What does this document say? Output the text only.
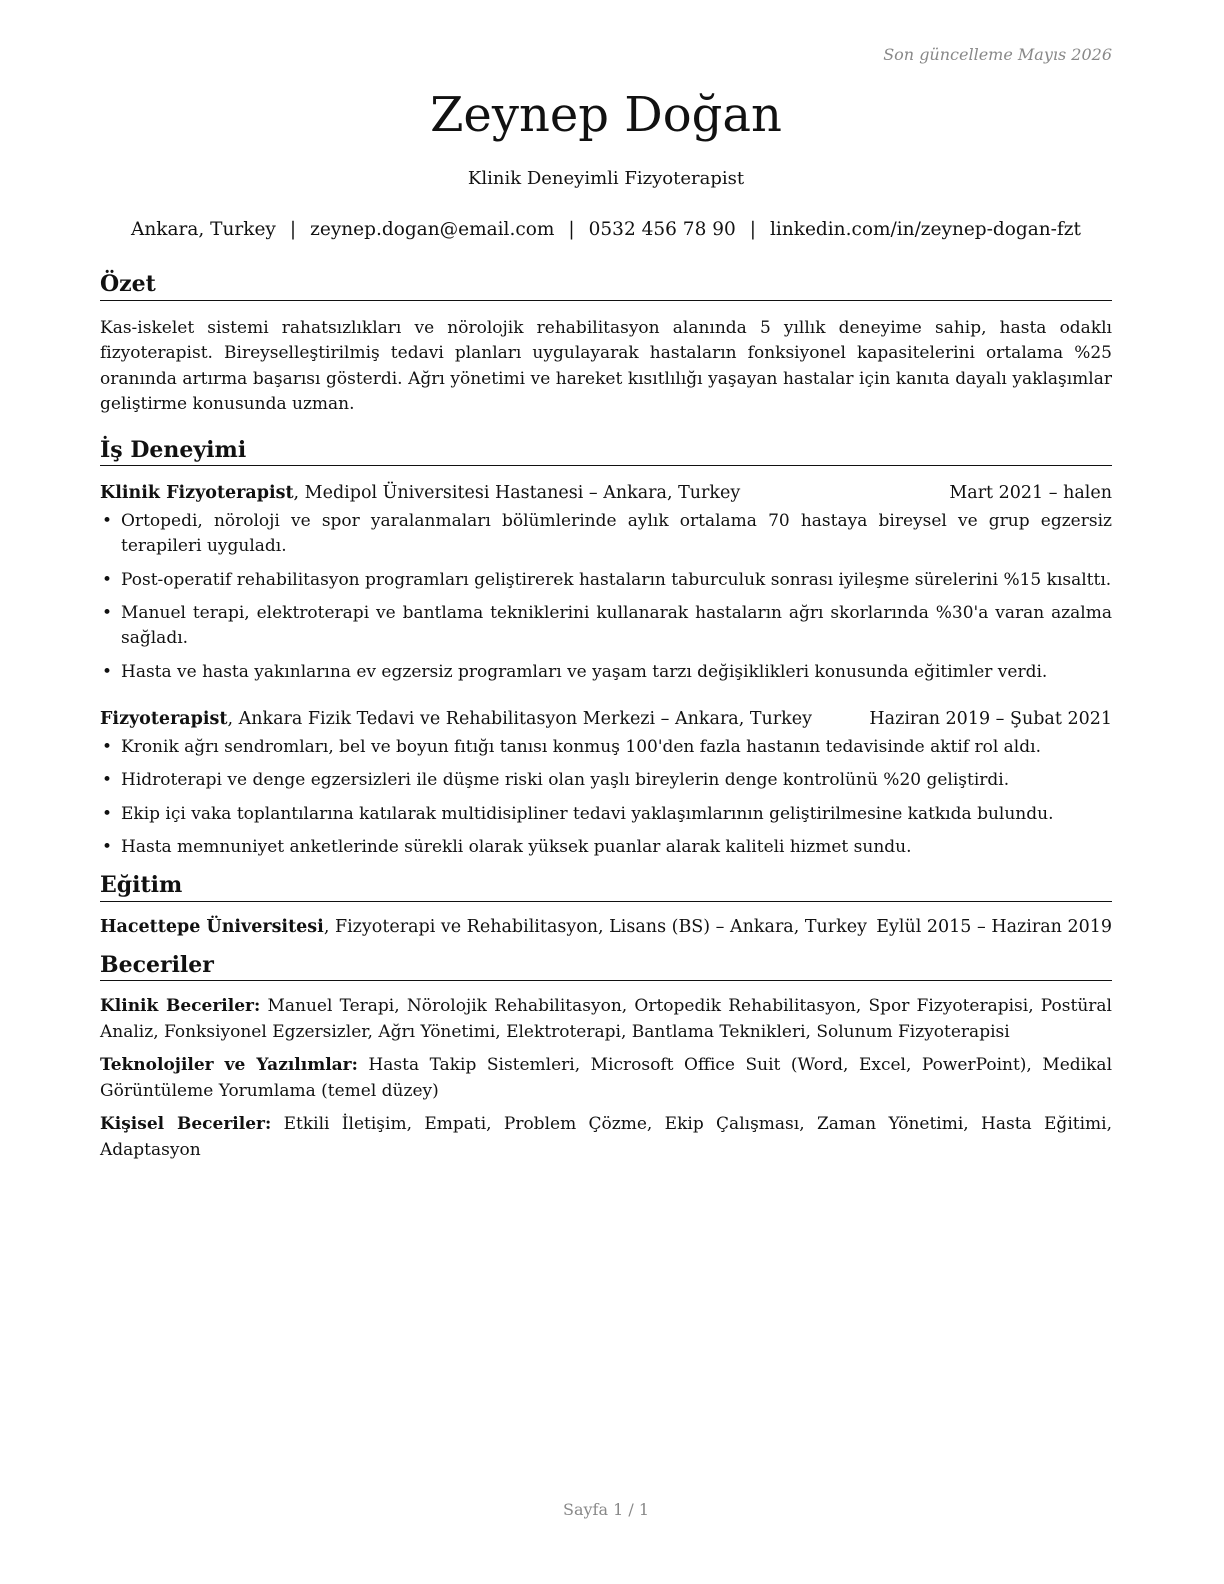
Son güncelleme Mayıs 2026
Zeynep Doğan
Klinik Deneyimli Fizyoterapist
Ankara, Turkey | zeynep.dogan@email.com | 0532 456 78 90 | linkedin.com/in/zeynep-dogan-fzt
Özet

Kas-iskelet sistemi rahatsızlıkları ve nörolojik rehabilitasyon alanında 5 yıllık deneyime sahip, hasta odaklı fizyoterapist. Bireyselleştirilmiş tedavi planları uygulayarak hastaların fonksiyonel kapasitelerini ortalama %25 oranında artırma başarısı gösterdi. Ağrı yönetimi ve hareket kısıtlılığı yaşayan hastalar için kanıta dayalı yaklaşımlar geliştirme konusunda uzman.

İş Deneyimi
Klinik Fizyoterapist, Medipol Üniversitesi Hastanesi – Ankara, Turkey	Mart 2021 – halen
• Ortopedi, nöroloji ve spor yaralanmaları bölümlerinde aylık ortalama 70 hastaya bireysel ve grup egzersiz terapileri uyguladı.
• Post-operatif rehabilitasyon programları geliştirerek hastaların taburculuk sonrası iyileşme sürelerini %15 kısalttı.
• Manuel terapi, elektroterapi ve bantlama tekniklerini kullanarak hastaların ağrı skorlarında %30'a varan azalma sağladı.
• Hasta ve hasta yakınlarına ev egzersiz programları ve yaşam tarzı değişiklikleri konusunda eğitimler verdi.
Fizyoterapist, Ankara Fizik Tedavi ve Rehabilitasyon Merkezi – Ankara, Turkey	Haziran 2019 – Şubat 2021
• Kronik ağrı sendromları, bel ve boyun fıtığı tanısı konmuş 100'den fazla hastanın tedavisinde aktif rol aldı.
• Hidroterapi ve denge egzersizleri ile düşme riski olan yaşlı bireylerin denge kontrolünü %20 geliştirdi.
• Ekip içi vaka toplantılarına katılarak multidisipliner tedavi yaklaşımlarının geliştirilmesine katkıda bulundu.
• Hasta memnuniyet anketlerinde sürekli olarak yüksek puanlar alarak kaliteli hizmet sundu.
Eğitim
Hacettepe Üniversitesi, Fizyoterapi ve Rehabilitasyon, Lisans (BS) – Ankara, Turkey Eylül 2015 – Haziran 2019
Beceriler

Klinik Beceriler: Manuel Terapi, Nörolojik Rehabilitasyon, Ortopedik Rehabilitasyon, Spor Fizyoterapisi, Postüral Analiz, Fonksiyonel Egzersizler, Ağrı Yönetimi, Elektroterapi, Bantlama Teknikleri, Solunum Fizyoterapisi

Teknolojiler ve Yazılımlar: Hasta Takip Sistemleri, Microsoft Office Suit (Word, Excel, PowerPoint), Medikal Görüntüleme Yorumlama (temel düzey)

Kişisel Beceriler: Etkili İletişim, Empati, Problem Çözme, Ekip Çalışması, Zaman Yönetimi, Hasta Eğitimi, Adaptasyon

Sayfa 1 / 1
